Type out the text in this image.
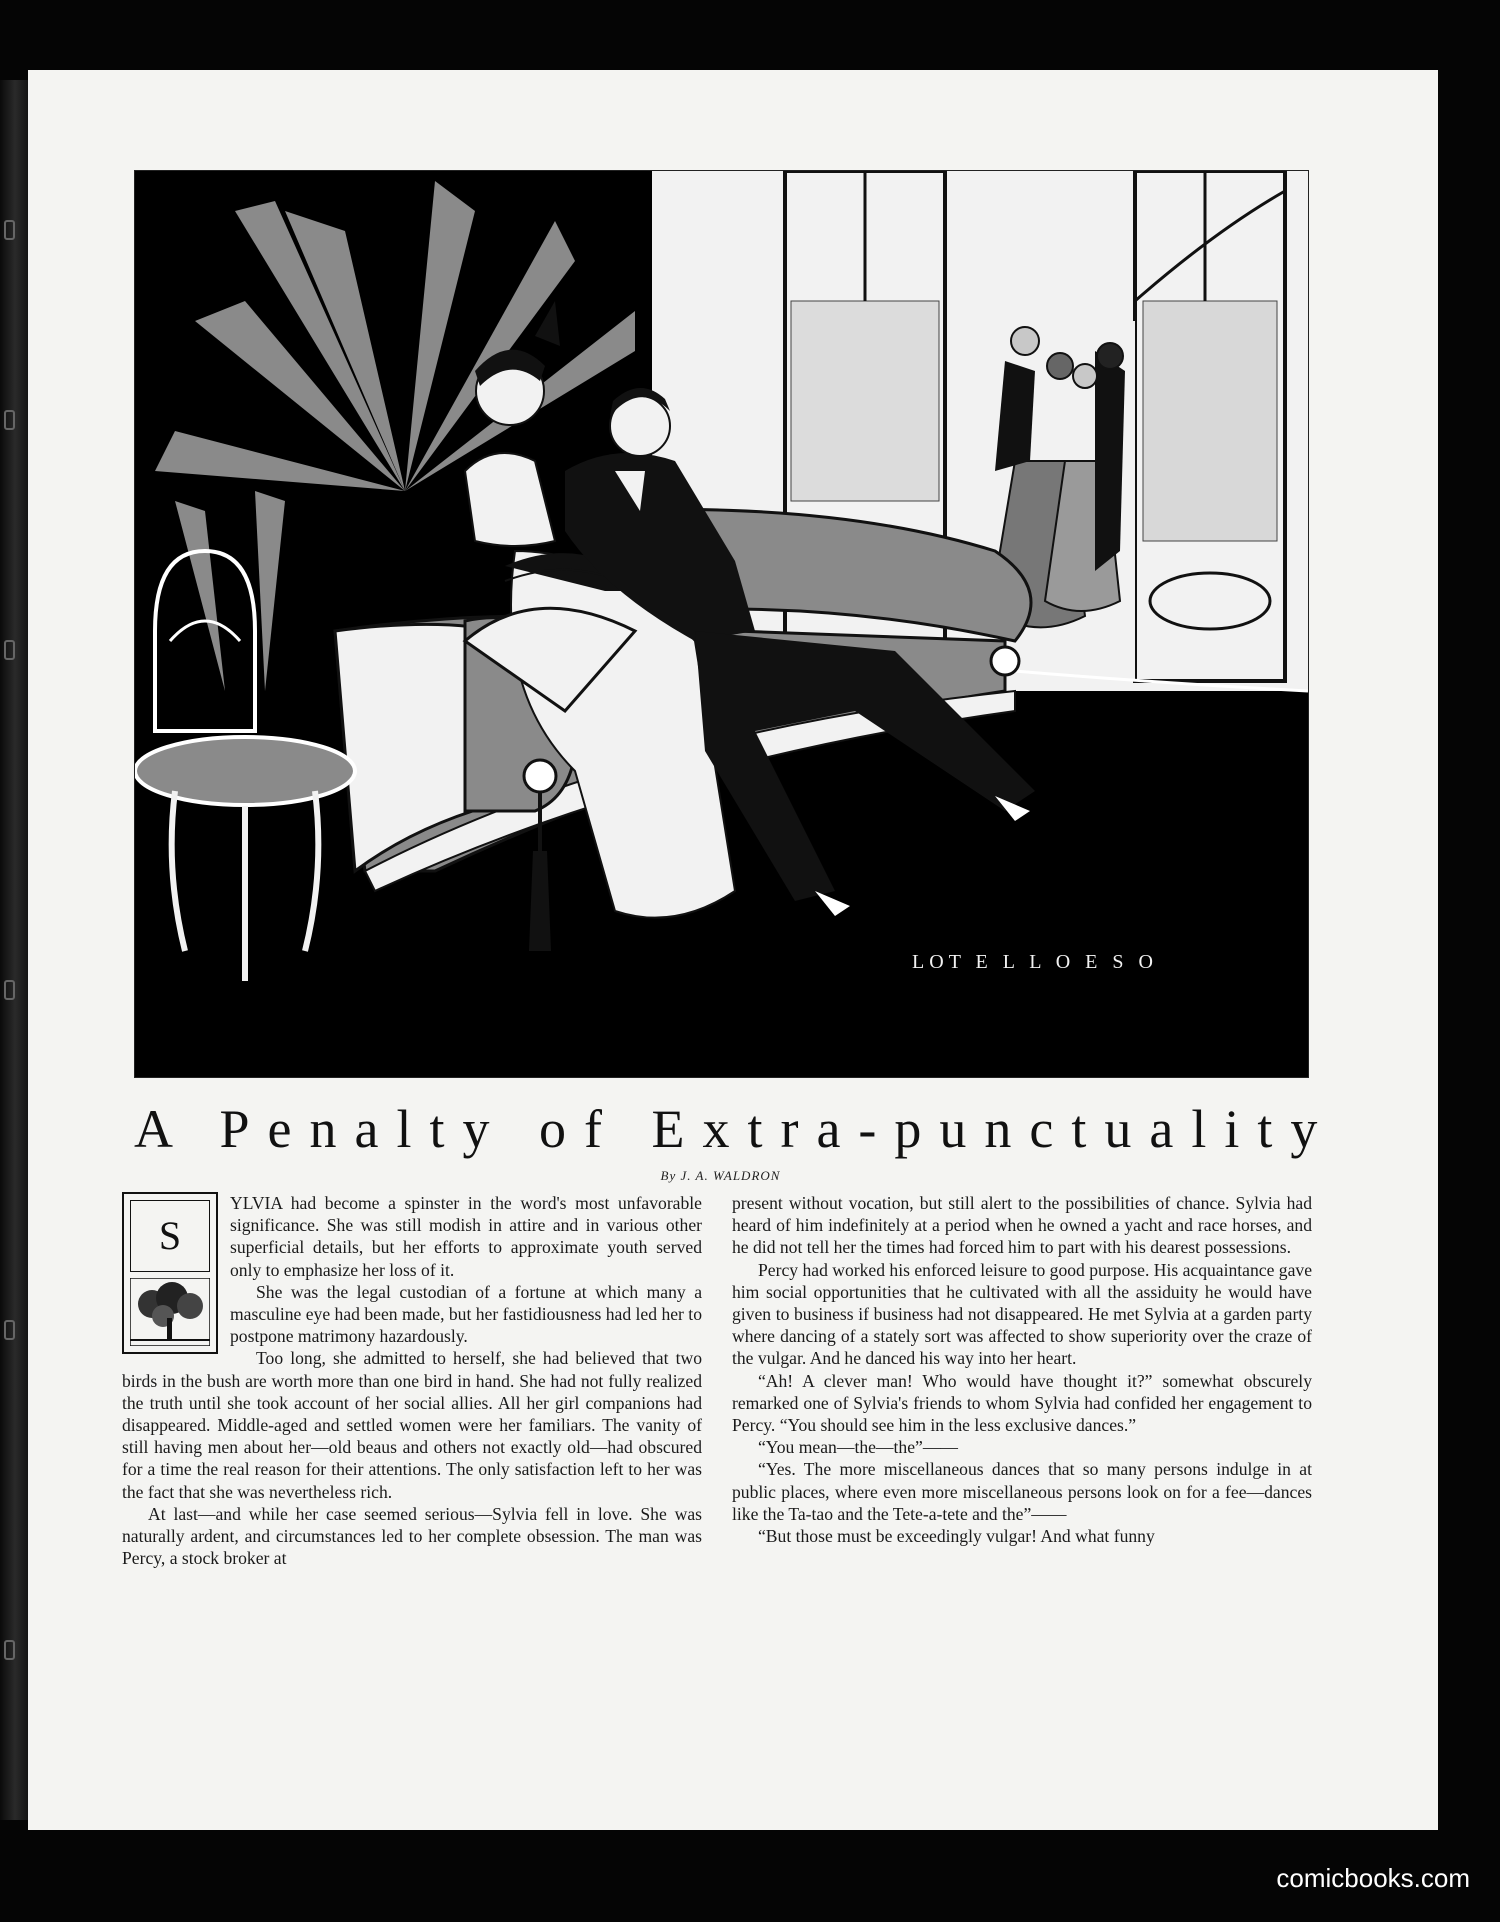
LOT E L L O E S O
A Penalty of Extra-punctuality
By J. A. WALDRON
S

YLVIA had become a spinster in the word's most unfavorable significance. She was still modish in attire and in various other superficial details, but her efforts to approximate youth served only to emphasize her loss of it.

She was the legal custodian of a fortune at which many a masculine eye had been made, but her fastidiousness had led her to postpone matrimony hazardously.

Too long, she admitted to herself, she had believed that two birds in the bush are worth more than one bird in hand. She had not fully realized the truth until she took account of her social allies. All her girl companions had disappeared. Middle-aged and settled women were her familiars. The vanity of still having men about her—old beaus and others not exactly old—had obscured for a time the real reason for their attentions. The only satisfaction left to her was the fact that she was nevertheless rich.

At last—and while her case seemed serious—Sylvia fell in love. She was naturally ardent, and circumstances led to her complete obsession. The man was Percy, a stock broker at

present without vocation, but still alert to the possibilities of chance. Sylvia had heard of him indefinitely at a period when he owned a yacht and race horses, and he did not tell her the times had forced him to part with his dearest possessions.

Percy had worked his enforced leisure to good purpose. His acquaintance gave him social opportunities that he cultivated with all the assiduity he would have given to business if business had not disappeared. He met Sylvia at a garden party where dancing of a stately sort was affected to show superiority over the craze of the vulgar. And he danced his way into her heart.

“Ah! A clever man! Who would have thought it?” somewhat obscurely remarked one of Sylvia's friends to whom Sylvia had confided her engagement to Percy. “You should see him in the less exclusive dances.”

“You mean—the—the”——

“Yes. The more miscellaneous dances that so many persons indulge in at public places, where even more miscellaneous persons look on for a fee—dances like the Ta-tao and the Tete-a-tete and the”——

“But those must be exceedingly vulgar! And what funny

comicbooks.com
